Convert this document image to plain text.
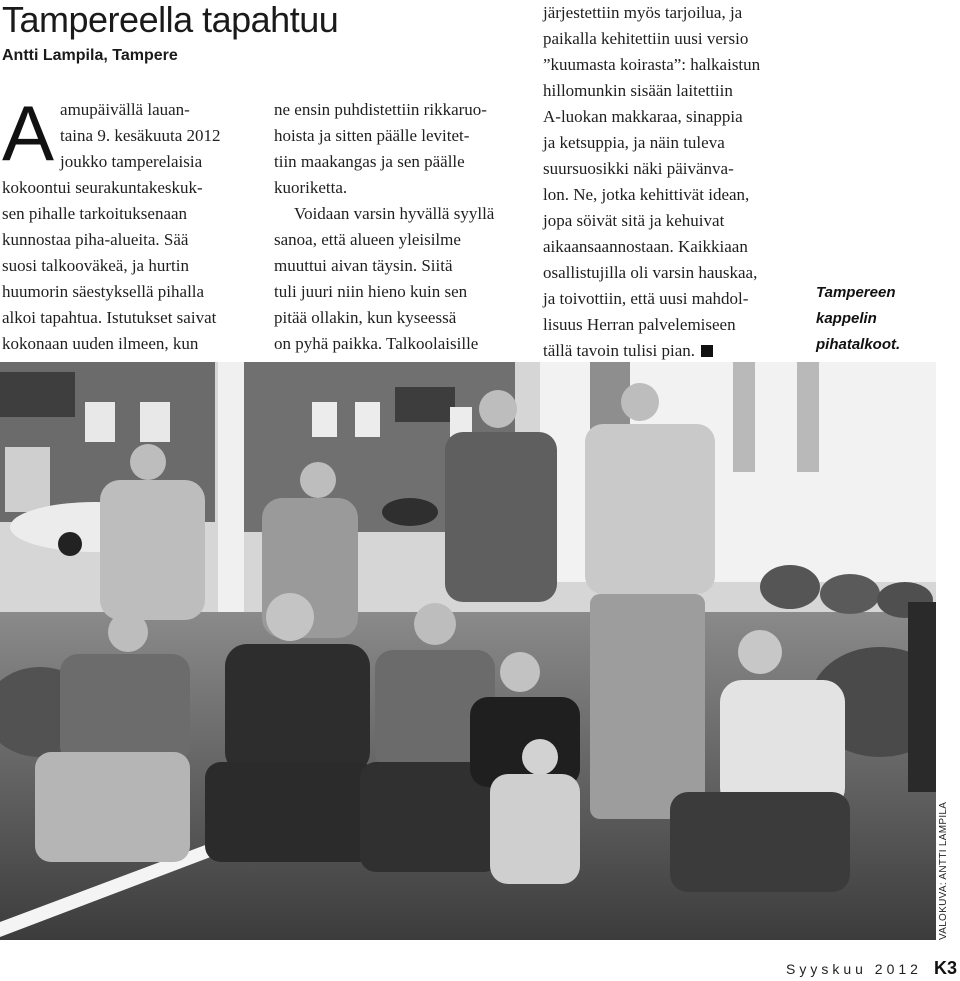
Tampereella tapahtuu
Antti Lampila, Tampere
A amupäivällä lauan-
taina 9. kesäkuuta 2012
joukko tamperelaisia
kokoontui seurakuntakeskuk-
sen pihalle tarkoituksenaan
kunnostaa piha-alueita. Sää
suosi talkooväkeä, ja hurtin
huumorin säestyksellä pihalla
alkoi tapahtua. Istutukset saivat
kokonaan uuden ilmeen, kun
ne ensin puhdistettiin rikkaruo-
hoista ja sitten päälle levitet-
tiin maakangas ja sen päälle
kuoriketta.
Voidaan varsin hyvällä syyllä
sanoa, että alueen yleisilme
muuttui aivan täysin. Siitä
tuli juuri niin hieno kuin sen
pitää ollakin, kun kyseessä
on pyhä paikka. Talkoolaisille
järjestettiin myös tarjoilua, ja
paikalla kehitettiin uusi versio
”kuumasta koirasta”: halkaistun
hillomunkin sisään laitettiin
A-luokan makkaraa, sinappia
ja ketsuppia, ja näin tuleva
suursuosikki näki päivänva-
lon. Ne, jotka kehittivät idean,
jopa söivät sitä ja kehuivat
aikaansaannostaan. Kaikkiaan
osallistujilla oli varsin hauskaa,
ja toivottiin, että uusi mahdol-
lisuus Herran palvelemiseen
tällä tavoin tulisi pian.
Tampereen
kappelin
pihatalkoot.
VALOKUVA: ANTTI LAMPILA
Syyskuu 2012 K3
